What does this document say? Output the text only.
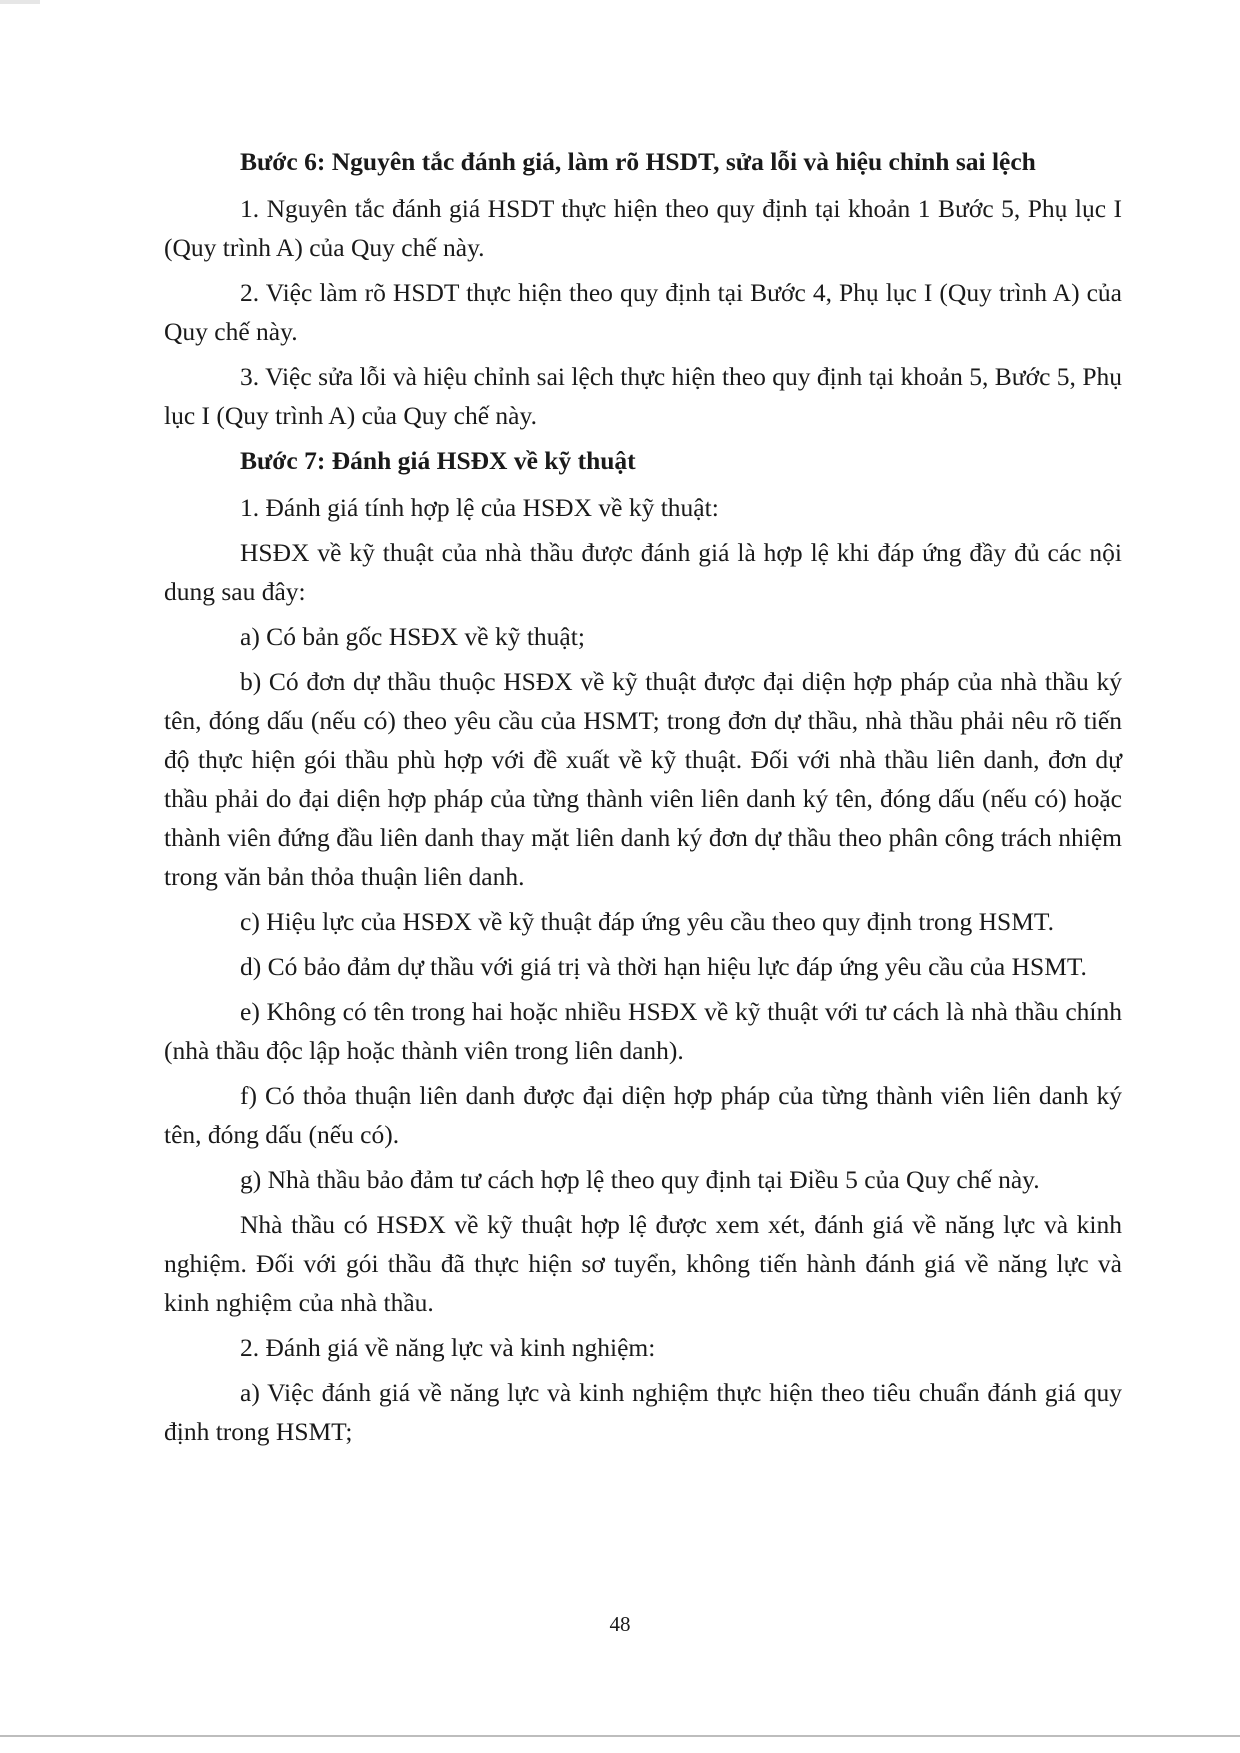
Bước 6: Nguyên tắc đánh giá, làm rõ HSDT, sửa lỗi và hiệu chỉnh sai lệch

1. Nguyên tắc đánh giá HSDT thực hiện theo quy định tại khoản 1 Bước 5, Phụ lục I (Quy trình A) của Quy chế này.

2. Việc làm rõ HSDT thực hiện theo quy định tại Bước 4, Phụ lục I (Quy trình A) của Quy chế này.

3. Việc sửa lỗi và hiệu chỉnh sai lệch thực hiện theo quy định tại khoản 5, Bước 5, Phụ lục I (Quy trình A) của Quy chế này.

Bước 7: Đánh giá HSĐX về kỹ thuật

1. Đánh giá tính hợp lệ của HSĐX về kỹ thuật:

HSĐX về kỹ thuật của nhà thầu được đánh giá là hợp lệ khi đáp ứng đầy đủ các nội dung sau đây:

a) Có bản gốc HSĐX về kỹ thuật;

b) Có đơn dự thầu thuộc HSĐX về kỹ thuật được đại diện hợp pháp của nhà thầu ký tên, đóng dấu (nếu có) theo yêu cầu của HSMT; trong đơn dự thầu, nhà thầu phải nêu rõ tiến độ thực hiện gói thầu phù hợp với đề xuất về kỹ thuật. Đối với nhà thầu liên danh, đơn dự thầu phải do đại diện hợp pháp của từng thành viên liên danh ký tên, đóng dấu (nếu có) hoặc thành viên đứng đầu liên danh thay mặt liên danh ký đơn dự thầu theo phân công trách nhiệm trong văn bản thỏa thuận liên danh.

c) Hiệu lực của HSĐX về kỹ thuật đáp ứng yêu cầu theo quy định trong HSMT.

d) Có bảo đảm dự thầu với giá trị và thời hạn hiệu lực đáp ứng yêu cầu của HSMT.

e) Không có tên trong hai hoặc nhiều HSĐX về kỹ thuật với tư cách là nhà thầu chính (nhà thầu độc lập hoặc thành viên trong liên danh).

f) Có thỏa thuận liên danh được đại diện hợp pháp của từng thành viên liên danh ký tên, đóng dấu (nếu có).

g) Nhà thầu bảo đảm tư cách hợp lệ theo quy định tại Điều 5 của Quy chế này.

Nhà thầu có HSĐX về kỹ thuật hợp lệ được xem xét, đánh giá về năng lực và kinh nghiệm. Đối với gói thầu đã thực hiện sơ tuyển, không tiến hành đánh giá về năng lực và kinh nghiệm của nhà thầu.

2. Đánh giá về năng lực và kinh nghiệm:

a) Việc đánh giá về năng lực và kinh nghiệm thực hiện theo tiêu chuẩn đánh giá quy định trong HSMT;

48
